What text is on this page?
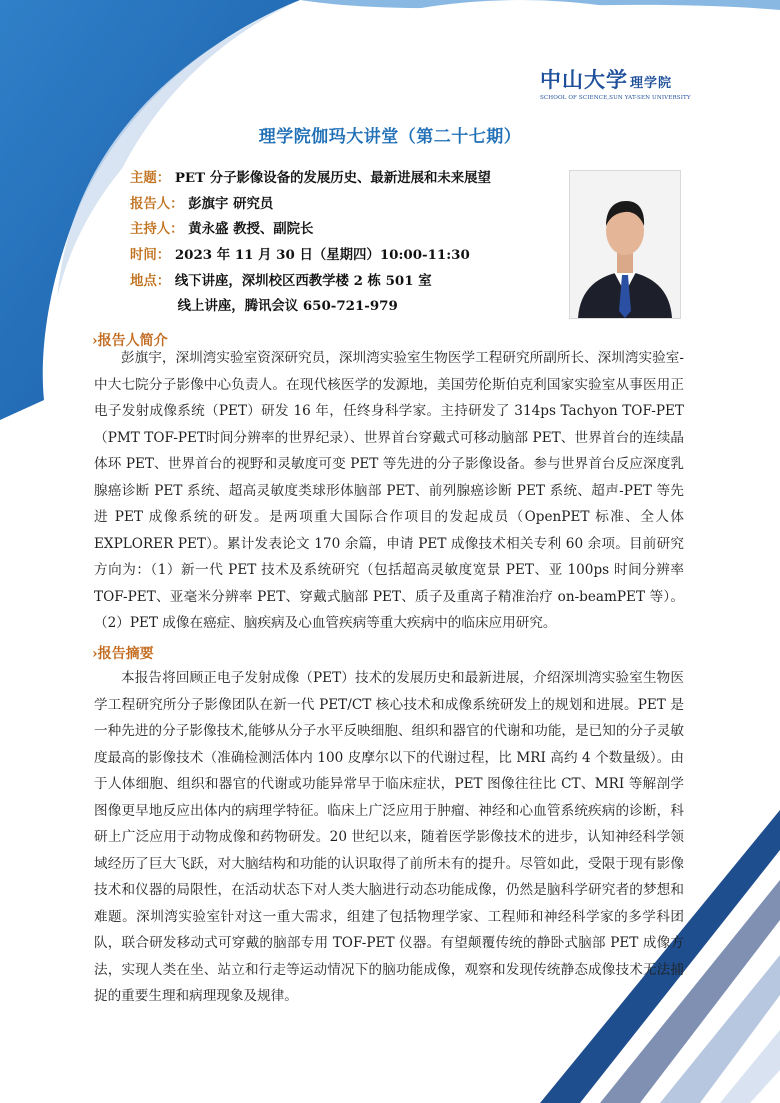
中山大学 理学院
SCHOOL OF SCIENCE,SUN YAT-SEN UNIVERSITY
理学院伽玛大讲堂（第二十七期）
主题： PET 分子影像设备的发展历史、最新进展和未来展望
报告人： 彭旗宇 研究员
主持人： 黄永盛 教授、副院长
时间： 2023 年 11 月 30 日（星期四）10:00-11:30
地点： 线下讲座，深圳校区西教学楼 2 栋 501 室
线上讲座，腾讯会议 650-721-979
›报告人简介

彭旗宇，深圳湾实验室资深研究员，深圳湾实验室生物医学工程研究所副所长、深圳湾实验室-中大七院分子影像中心负责人。在现代核医学的发源地，美国劳伦斯伯克利国家实验室从事医用正电子发射成像系统（PET）研发 16 年，任终身科学家。主持研发了 314ps Tachyon TOF-PET（PMT TOF-PET时间分辨率的世界纪录）、世界首台穿戴式可移动脑部 PET、世界首台的连续晶体环 PET、世界首台的视野和灵敏度可变 PET 等先进的分子影像设备。参与世界首台反应深度乳腺癌诊断 PET 系统、超高灵敏度类球形体脑部 PET、前列腺癌诊断 PET 系统、超声-PET 等先进 PET 成像系统的研发。是两项重大国际合作项目的发起成员（OpenPET 标准、全人体 EXPLORER PET）。累计发表论文 170 余篇，申请 PET 成像技术相关专利 60 余项。目前研究方向为：（1）新一代 PET 技术及系统研究（包括超高灵敏度宽景 PET、亚 100ps 时间分辨率 TOF-PET、亚毫米分辨率 PET、穿戴式脑部 PET、质子及重离子精准治疗 on-beamPET 等）。（2）PET 成像在癌症、脑疾病及心血管疾病等重大疾病中的临床应用研究。

›报告摘要

本报告将回顾正电子发射成像（PET）技术的发展历史和最新进展，介绍深圳湾实验室生物医学工程研究所分子影像团队在新一代 PET/CT 核心技术和成像系统研发上的规划和进展。PET 是一种先进的分子影像技术,能够从分子水平反映细胞、组织和器官的代谢和功能，是已知的分子灵敏度最高的影像技术（准确检测活体内 100 皮摩尔以下的代谢过程，比 MRI 高约 4 个数量级）。由于人体细胞、组织和器官的代谢或功能异常早于临床症状，PET 图像往往比 CT、MRI 等解剖学图像更早地反应出体内的病理学特征。临床上广泛应用于肿瘤、神经和心血管系统疾病的诊断，科研上广泛应用于动物成像和药物研发。20 世纪以来，随着医学影像技术的进步，认知神经科学领域经历了巨大飞跃，对大脑结构和功能的认识取得了前所未有的提升。尽管如此，受限于现有影像技术和仪器的局限性，在活动状态下对人类大脑进行动态功能成像，仍然是脑科学研究者的梦想和难题。深圳湾实验室针对这一重大需求，组建了包括物理学家、工程师和神经科学家的多学科团队，联合研发移动式可穿戴的脑部专用 TOF-PET 仪器。有望颠覆传统的静卧式脑部 PET 成像方法，实现人类在坐、站立和行走等运动情况下的脑功能成像，观察和发现传统静态成像技术无法捕捉的重要生理和病理现象及规律。
